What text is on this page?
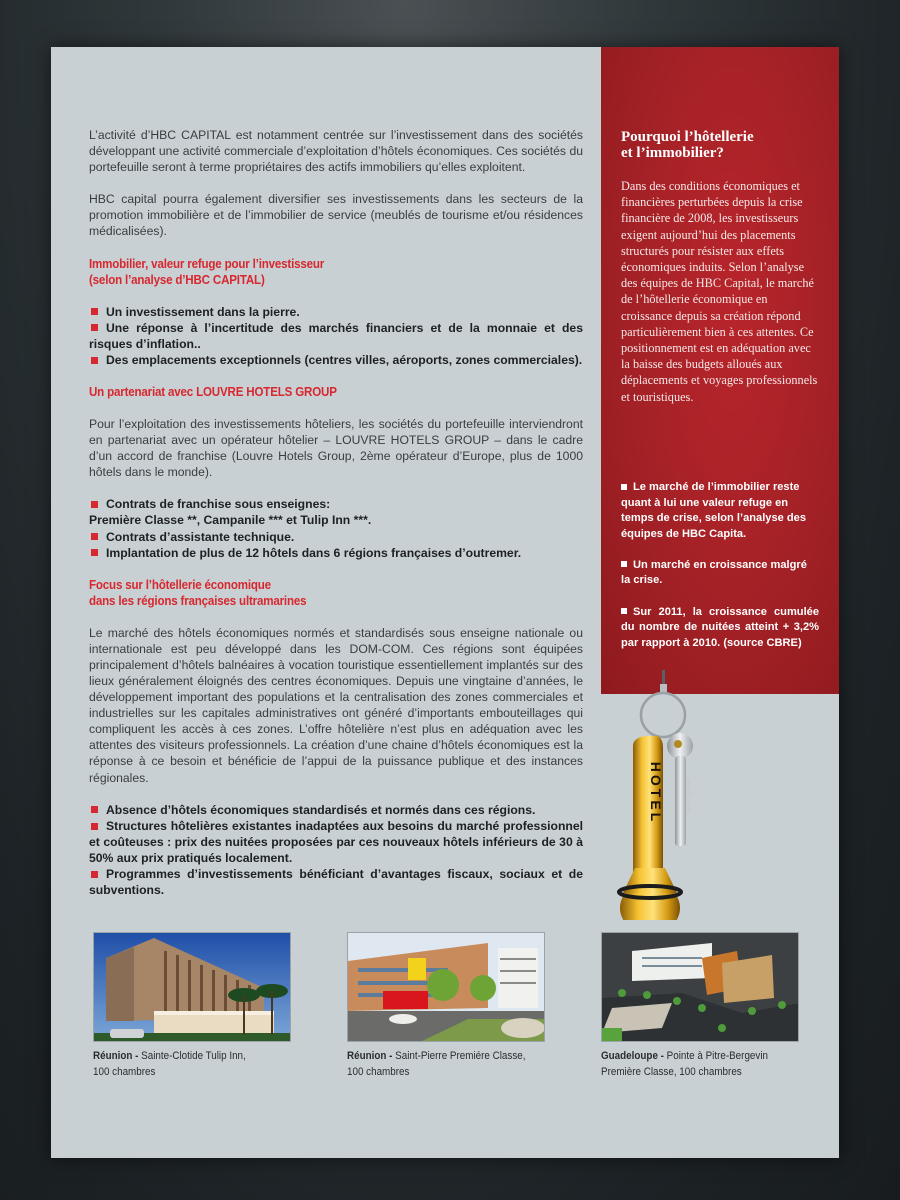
L’activité d’HBC CAPITAL est notamment centrée sur l’investissement dans des sociétés développant une activité commerciale d’exploitation d’hôtels économiques. Ces sociétés du portefeuille seront à terme propriétaires des actifs immobiliers qu’elles exploitent.

HBC capital pourra également diversifier ses investissements dans les secteurs de la promotion immobilière et de l’immobilier de service (meublés de tourisme et/ou résidences médicalisées).

Immobilier, valeur refuge pour l’investisseur
(selon l’analyse d’HBC CAPITAL)
Un investissement dans la pierre.
Une réponse à l’incertitude des marchés financiers et de la monnaie et des risques d’inflation..
Des emplacements exceptionnels (centres villes, aéroports, zones commerciales).
Un partenariat avec LOUVRE HOTELS GROUP

Pour l’exploitation des investissements hôteliers, les sociétés du portefeuille interviendront en partenariat avec un opérateur hôtelier – LOUVRE HOTELS GROUP – dans le cadre d’un accord de franchise (Louvre Hotels Group, 2ème opérateur d’Europe, plus de 1000 hôtels dans le monde).

Contrats de franchise sous enseignes:
Première Classe **, Campanile *** et Tulip Inn ***.
Contrats d’assistante technique.
Implantation de plus de 12 hôtels dans 6 régions françaises d’outremer.
Focus sur l’hôtellerie économique
dans les régions françaises ultramarines

Le marché des hôtels économiques normés et standardisés sous enseigne nationale ou internationale est peu développé dans les DOM-COM. Ces régions sont équipées principalement d’hôtels balnéaires à vocation touristique essentiellement implantés sur des lieux généralement éloignés des centres économiques. Depuis une vingtaine d’années, le développement important des populations et la centralisation des zones commerciales et industrielles sur les capitales administratives ont généré d’importants embouteillages qui compliquent les accès à ces zones. L’offre hôtelière n’est plus en adéquation avec les attentes des visiteurs professionnels. La création d’une chaine d’hôtels économiques est la réponse à ce besoin et bénéficie de l’appui de la puissance publique et des instances régionales.

Absence d’hôtels économiques standardisés et normés dans ces régions.
Structures hôtelières existantes inadaptées aux besoins du marché professionnel et coûteuses : prix des nuitées proposées par ces nouveaux hôtels inférieurs de 30 à 50% aux prix pratiqués localement.
Programmes d’investissements bénéficiant d’avantages fiscaux, sociaux et de subventions.
Pourquoi l’hôtellerie
et l’immobilier?
Dans des conditions économiques et financières perturbées depuis la crise financière de 2008, les investisseurs exigent aujourd’hui des placements structurés pour résister aux effets économiques induits. Selon l’analyse des équipes de HBC Capital, le marché de l’hôtellerie économique en croissance depuis sa création répond particulièrement bien à ces attentes. Ce positionnement est en adéquation avec la baisse des budgets alloués aux déplacements et voyages professionnels et touristiques.
Le marché de l’immobilier reste quant à lui une valeur refuge en temps de crise, selon l’analyse des équipes de HBC Capita.
Un marché en croissance malgré la crise.
Sur 2011, la croissance cumulée du nombre de nuitées atteint + 3,2% par rapport à 2010. (source CBRE)
HOTEL
Réunion - Sainte-Clotide Tulip Inn,
100 chambres
Réunion - Saint-Pierre Premiére Classe,
100 chambres
Guadeloupe - Pointe à Pitre-Bergevin
Première Classe, 100 chambres
